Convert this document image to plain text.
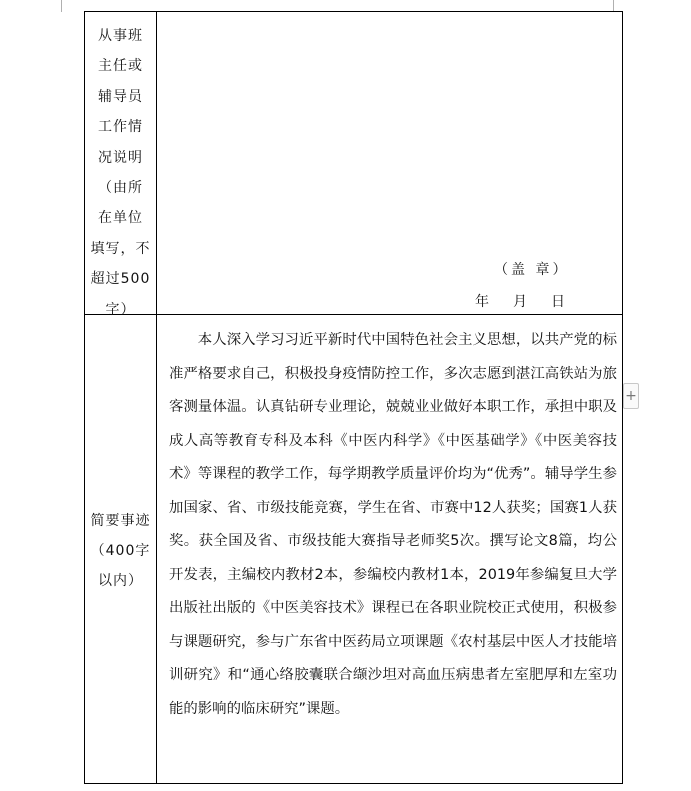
从事班
主任或
辅导员
工作情
况说明
（由所
在单位
填写，不
超过500
字）
（盖 章）
年 月 日
简要事迹
（400字
以内）
本人深入学习习近平新时代中国特色社会主义思想，以共产党的标准严格要求自己，积极投身疫情防控工作，多次志愿到湛江高铁站为旅客测量体温。认真钻研专业理论，兢兢业业做好本职工作，承担中职及成人高等教育专科及本科《中医内科学》《中医基础学》《中医美容技术》等课程的教学工作，每学期教学质量评价均为“优秀”。辅导学生参加国家、省、市级技能竞赛，学生在省、市赛中12人获奖；国赛1人获奖。获全国及省、市级技能大赛指导老师奖5次。撰写论文8篇，均公开发表，主编校内教材2本，参编校内教材1本，2019年参编复旦大学出版社出版的《中医美容技术》课程已在各职业院校正式使用，积极参与课题研究，参与广东省中医药局立项课题《农村基层中医人才技能培训研究》和“通心络胶囊联合缬沙坦对高血压病患者左室肥厚和左室功能的影响的临床研究”课题。
+
